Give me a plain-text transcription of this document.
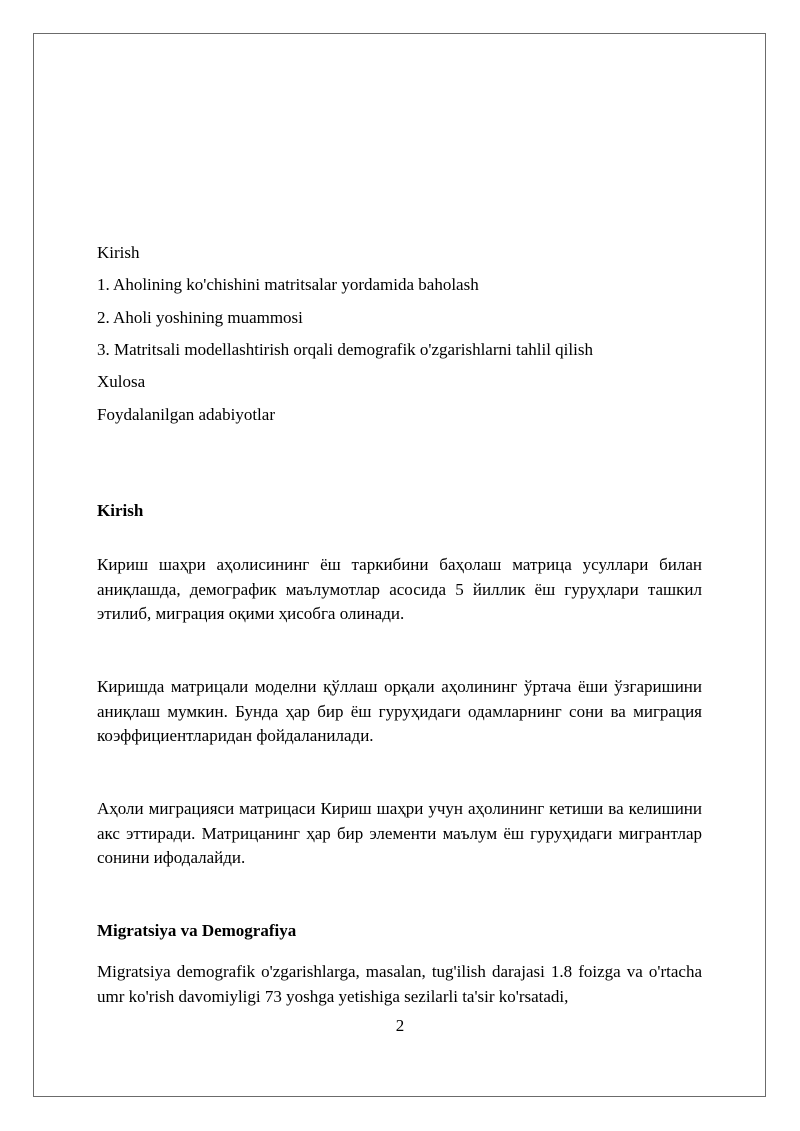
Kirish
1. Aholining ko'chishini matritsalar yordamida baholash
2. Aholi yoshining muammosi
3. Matritsali modellashtirish orqali demografik o'zgarishlarni tahlil qilish
Xulosa
Foydalanilgan adabiyotlar
Kirish
Кириш шаҳри аҳолисининг ёш таркибини баҳолаш матрица усуллари билан аниқлашда, демографик маълумотлар асосида 5 йиллик ёш гуруҳлари ташкил этилиб, миграция оқими ҳисобга олинади.
Киришда матрицали моделни қўллаш орқали аҳолининг ўртача ёши ўзгаришини аниқлаш мумкин. Бунда ҳар бир ёш гуруҳидаги одамларнинг сони ва миграция коэффициентларидан фойдаланилади.
Аҳоли миграцияси матрицаси Кириш шаҳри учун аҳолининг кетиши ва келишини акс эттиради. Матрицанинг ҳар бир элементи маълум ёш гуруҳидаги мигрантлар сонини ифодалайди.
Migratsiya va Demografiya
Migratsiya demografik o'zgarishlarga, masalan, tug'ilish darajasi 1.8 foizga va o'rtacha umr ko'rish davomiyligi 73 yoshga yetishiga sezilarli ta'sir ko'rsatadi,
2
